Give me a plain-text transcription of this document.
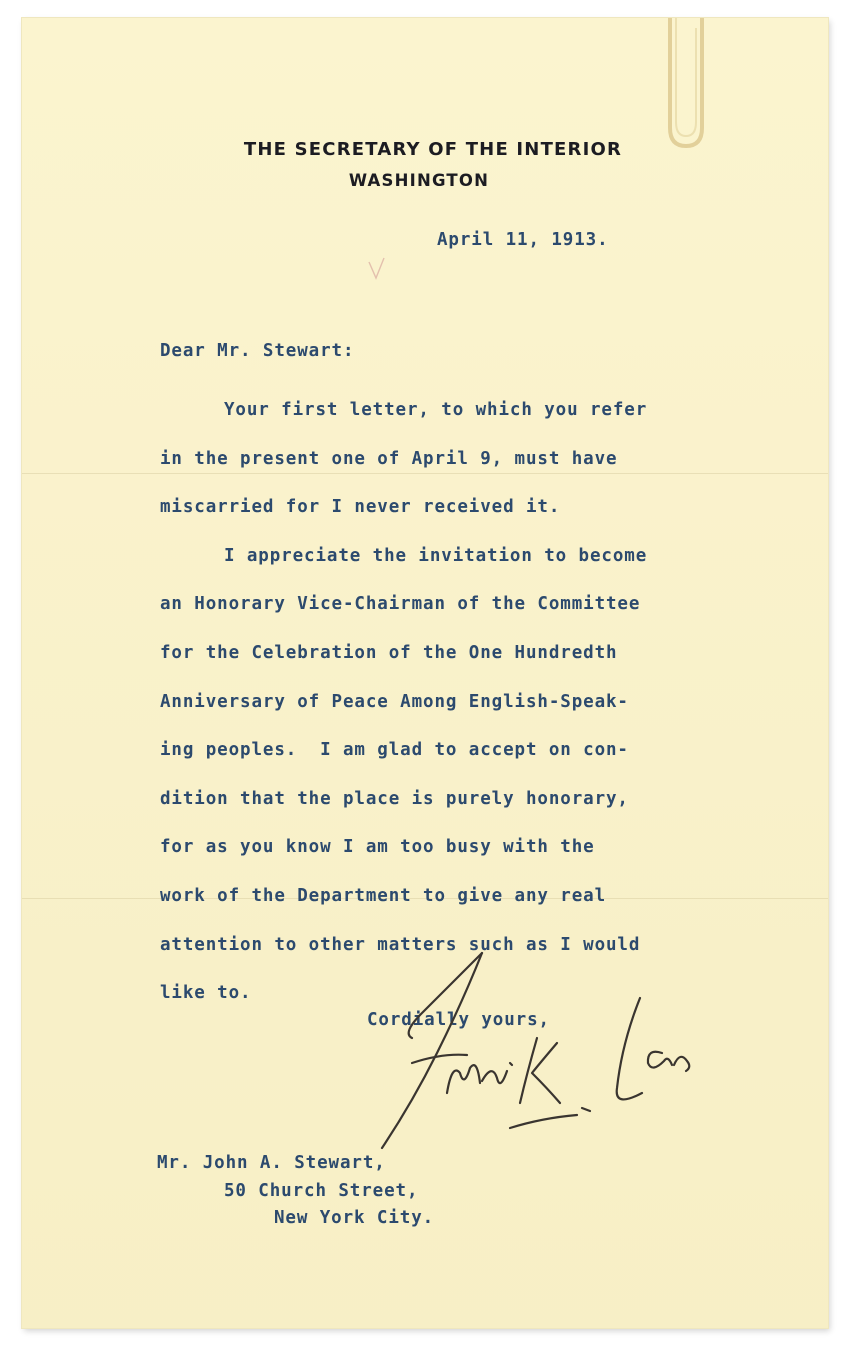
THE SECRETARY OF THE INTERIOR
WASHINGTON
April 11, 1913.
Dear Mr. Stewart:
Your first letter, to which you refer
in the present one of April 9, must have
miscarried for I never received it.
I appreciate the invitation to become
an Honorary Vice-Chairman of the Committee
for the Celebration of the One Hundredth
Anniversary of Peace Among English-Speak-
ing peoples.  I am glad to accept on con-
dition that the place is purely honorary,
for as you know I am too busy with the
work of the Department to give any real
attention to other matters such as I would
like to.
Cordially yours,
Mr. John A. Stewart,
50 Church Street,
New York City.
